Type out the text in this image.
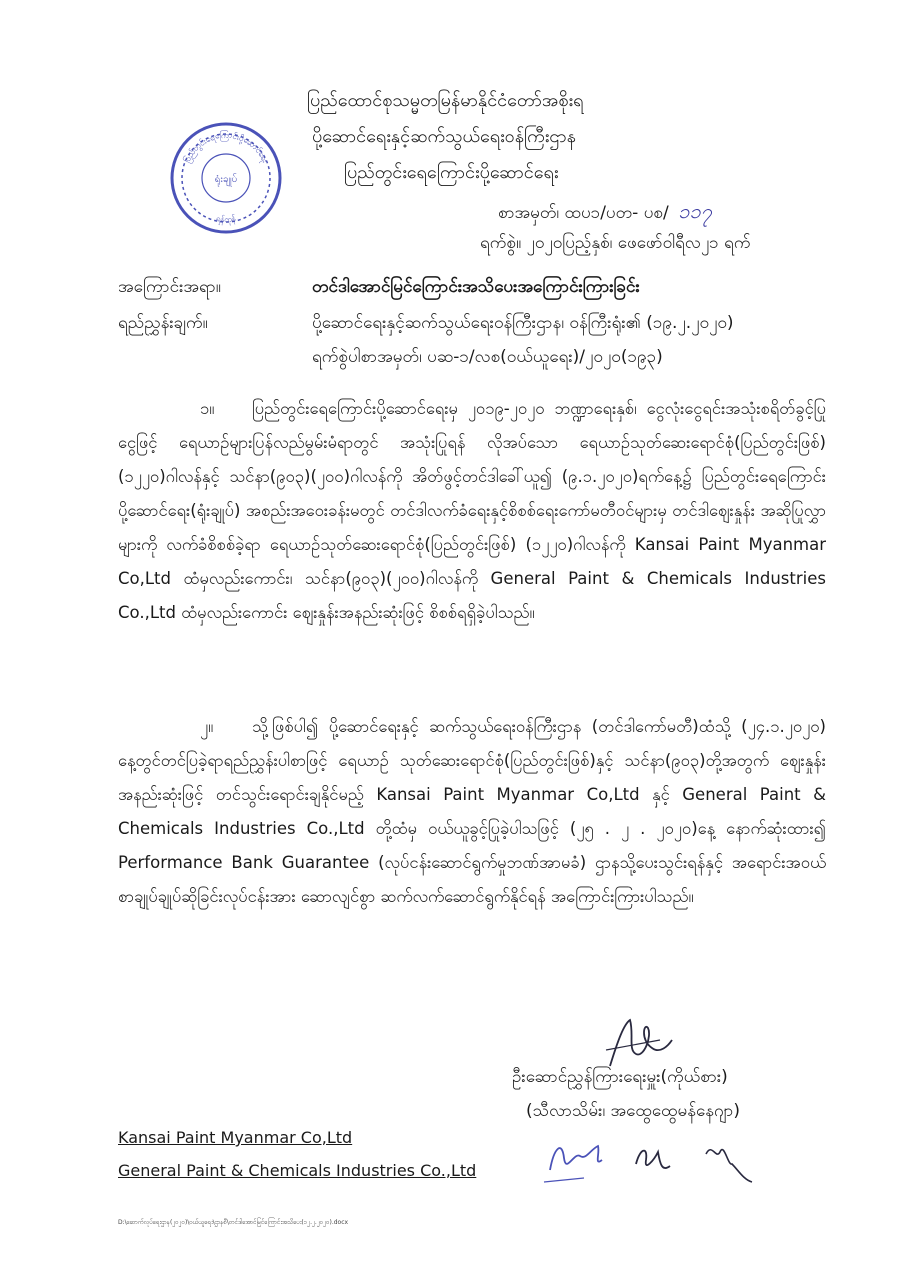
ပြည်တွင်းရေကြောင်းပို့ဆောင်ရေး
ရန်ကုန်
ရုံးချုပ်
ပြည်ထောင်စုသမ္မတမြန်မာနိုင်ငံတော်အစိုးရ
ပို့ဆောင်ရေးနှင့်ဆက်သွယ်ရေးဝန်ကြီးဌာန
ပြည်တွင်းရေကြောင်းပို့ဆောင်ရေး
စာအမှတ်၊ ထပ၁/ပတ- ပစ/ ၁၁၇
ရက်စွဲ။ ၂၀၂၀ပြည့်နှစ်၊ ဖေဖော်ဝါရီလ၂၁ ရက်
အကြောင်းအရာ။	တင်ဒါအောင်မြင်ကြောင်းအသိပေးအကြောင်းကြားခြင်း
ရည်ညွှန်းချက်။	ပို့ဆောင်ရေးနှင့်ဆက်သွယ်ရေးဝန်ကြီးဌာန၊ ဝန်ကြီးရုံး၏ (၁၉.၂.၂၀၂၀)
ရက်စွဲပါစာအမှတ်၊ ပဆ-၁/လစ(ဝယ်ယူရေး)/၂၀၂၀(၁၉၃)
၁။ ပြည်တွင်းရေကြောင်းပို့ဆောင်ရေးမှ ၂၀၁၉-၂၀၂၀ ဘဏ္ဍာရေးနှစ်၊ ငွေလုံးငွေရင်းအသုံးစရိတ်ခွင့်ပြုငွေဖြင့် ရေယာဉ်များပြန်လည်မွမ်းမံရာတွင် အသုံးပြုရန် လိုအပ်သော ရေယာဉ်သုတ်ဆေးရောင်စုံ(ပြည်တွင်းဖြစ်)(၁၂၂၀)ဂါလန်နှင့် သင်နာ(၉၀၃)(၂၀၀)ဂါလန်ကို အိတ်ဖွင့်တင်ဒါခေါ်ယူ၍ (၉.၁.၂၀၂၀)ရက်နေ့၌ ပြည်တွင်းရေကြောင်းပို့ဆောင်ရေး(ရုံးချုပ်) အစည်းအဝေးခန်းမတွင် တင်ဒါလက်ခံရေးနှင့်စိစစ်ရေးကော်မတီဝင်များမှ တင်ဒါဈေးနှုန်း အဆိုပြုလွှာများကို လက်ခံစိစစ်ခဲ့ရာ ရေယာဉ်သုတ်ဆေးရောင်စုံ(ပြည်တွင်းဖြစ်) (၁၂၂၀)ဂါလန်ကို Kansai Paint Myanmar Co,Ltd ထံမှလည်းကောင်း၊ သင်နာ(၉၀၃)(၂၀၀)ဂါလန်ကို General Paint & Chemicals Industries Co.,Ltd ထံမှလည်းကောင်း ဈေးနှုန်းအနည်းဆုံးဖြင့် စိစစ်ရရှိခဲ့ပါသည်။
၂။ သို့ဖြစ်ပါ၍ ပို့ဆောင်ရေးနှင့် ဆက်သွယ်ရေးဝန်ကြီးဌာန (တင်ဒါကော်မတီ)ထံသို့ (၂၄.၁.၂၀၂၀) နေ့တွင်တင်ပြခဲ့ရာရည်ညွှန်းပါစာဖြင့် ရေယာဉ် သုတ်ဆေးရောင်စုံ(ပြည်တွင်းဖြစ်)နှင့် သင်နာ(၉၀၃)တို့အတွက် ဈေးနှုန်းအနည်းဆုံးဖြင့် တင်သွင်းရောင်းချနိုင်မည့် Kansai Paint Myanmar Co,Ltd နှင့် General Paint & Chemicals Industries Co.,Ltd တို့ထံမှ ဝယ်ယူခွင့်ပြုခဲ့ပါသဖြင့် (၂၅ . ၂ . ၂၀၂၀)နေ့ နောက်ဆုံးထား၍ Performance Bank Guarantee (လုပ်ငန်းဆောင်ရွက်မှုဘဏ်အာမခံ) ဌာနသို့ပေးသွင်းရန်နှင့် အရောင်းအဝယ်စာချုပ်ချုပ်ဆိုခြင်းလုပ်ငန်းအား ဆောလျင်စွာ ဆက်လက်ဆောင်ရွက်နိုင်ရန် အကြောင်းကြားပါသည်။
ဦးဆောင်ညွှန်ကြားရေးမှူး(ကိုယ်စား)
(သီလာသိမ်း၊ အထွေထွေမန်နေဂျာ)
Kansai Paint Myanmar Co,Ltd
General Paint & Chemicals Industries Co.,Ltd
D:\ဆောက်လုပ်ရေးဌာန(၂၀၂၀)\ဝယ်ယူရေး\ဌာနစီ\တင်ဒါအောင်မြင်ကြောင်းအသိပေး(၁၂.၂.၂၀၂၀).docx
